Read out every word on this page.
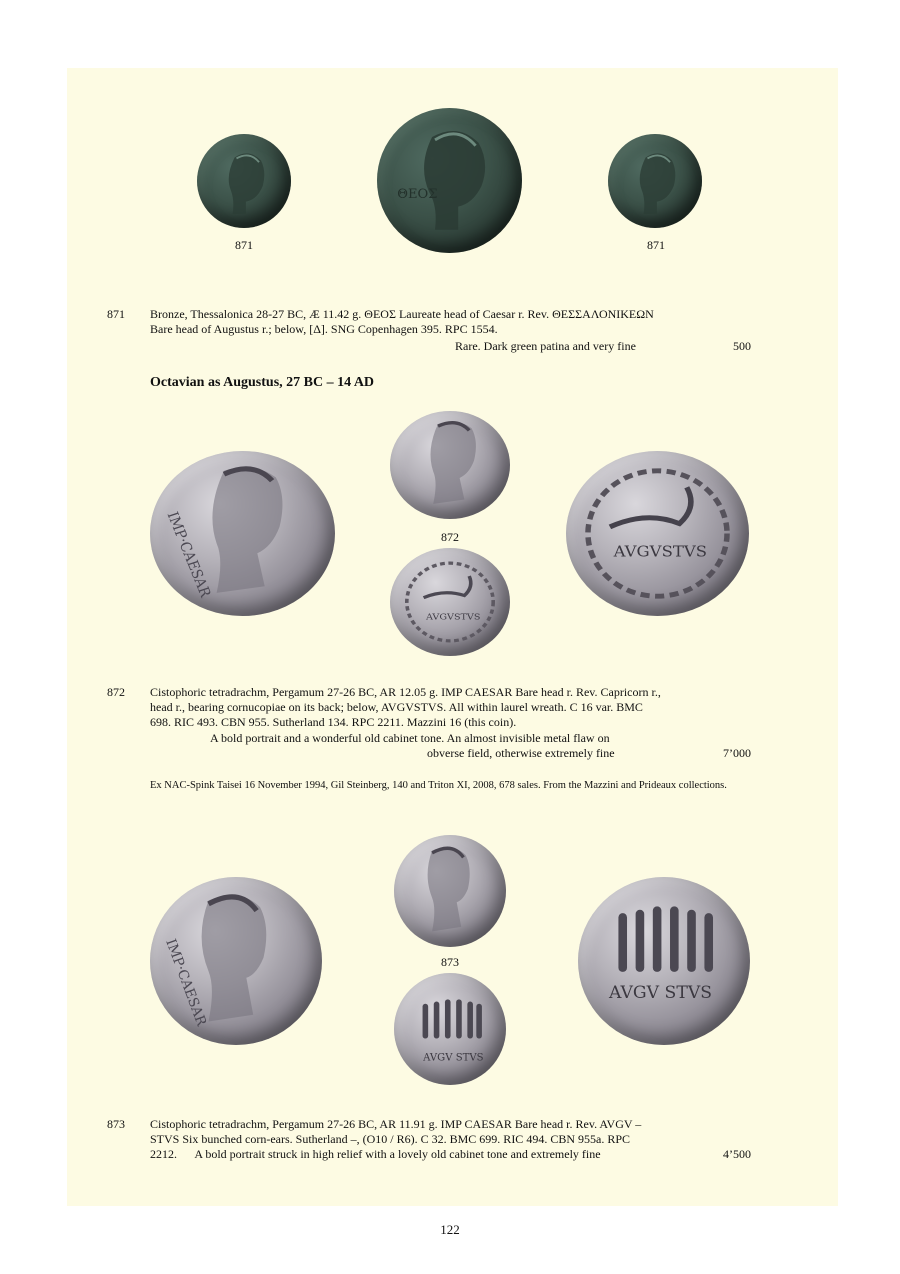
871
ΘΕΟΣ
871
871 Bronze, Thessalonica 28-27 BC, Æ 11.42 g. ΘΕΟΣ Laureate head of Caesar r. Rev. ΘΕΣΣΑΛΟΝΙΚΕΩΝ
Bare head of Augustus r.; below, [Δ]. SNG Copenhagen 395. RPC 1554.
Rare. Dark green patina and very fine	500
Octavian as Augustus, 27 BC – 14 AD
IMP·CAESAR	872
AVGVSTVS
AVGVSTVS
872 Cistophoric tetradrachm, Pergamum 27-26 BC, AR 12.05 g. IMP CAESAR Bare head r. Rev. Capricorn r.,
head r., bearing cornucopiae on its back; below, AVGVSTVS. All within laurel wreath. C 16 var. BMC
698. RIC 493. CBN 955. Sutherland 134. RPC 2211. Mazzini 16 (this coin).
A bold portrait and a wonderful old cabinet tone. An almost invisible metal flaw on
obverse field, otherwise extremely fine	7’000
Ex NAC-Spink Taisei 16 November 1994, Gil Steinberg, 140 and Triton XI, 2008, 678 sales. From the Mazzini and Prideaux collections.
IMP·CAESAR	873
AVGV STVS
AVGV STVS
873 Cistophoric tetradrachm, Pergamum 27-26 BC, AR 11.91 g. IMP CAESAR Bare head r. Rev. AVGV –
STVS Six bunched corn-ears. Sutherland –, (O10 / R6). C 32. BMC 699. RIC 494. CBN 955a. RPC
2212.      A bold portrait struck in high relief with a lovely old cabinet tone and extremely fine	4’500
122
